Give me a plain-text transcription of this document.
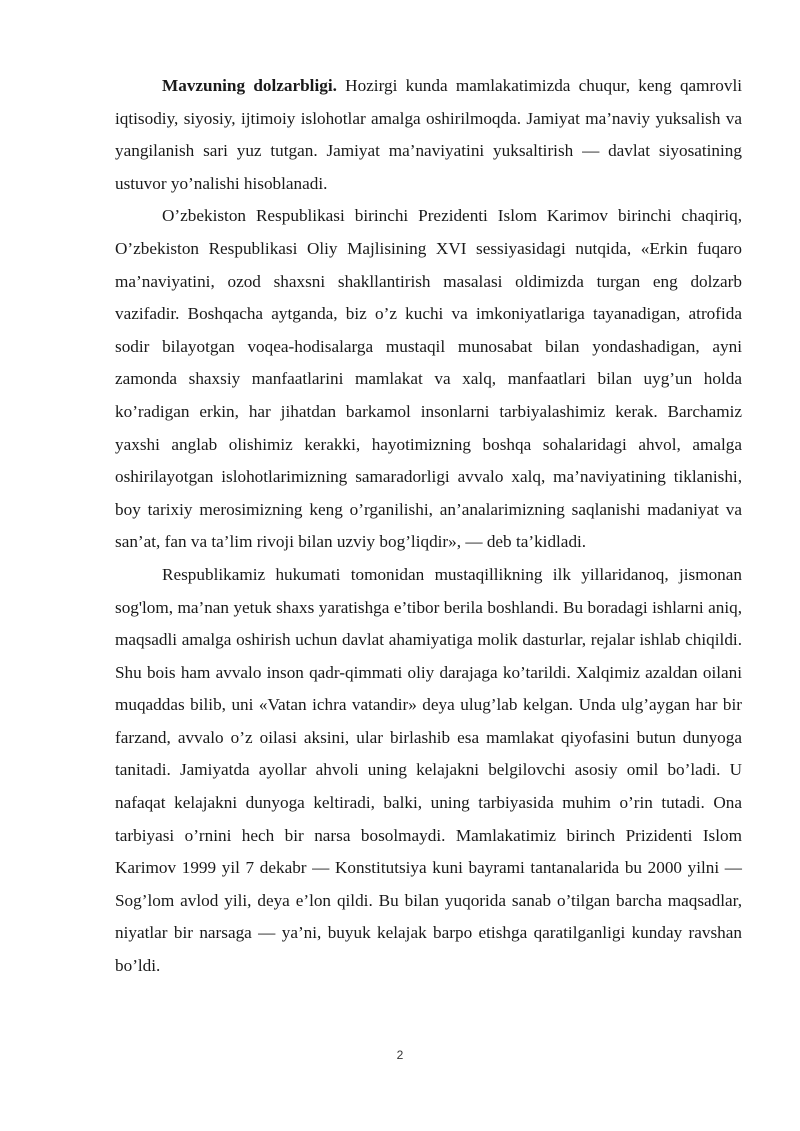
Mavzuning dolzarbligi. Hozirgi kunda mamlakatimizda chuqur, keng qamrovli iqtisodiy, siyosiy, ijtimoiy islohotlar amalga oshirilmoqda. Jamiyat ma’naviy yuksalish va yangilanish sari yuz tutgan. Jamiyat ma’naviyatini yuksaltirish — davlat siyosatining ustuvor yo’nalishi hisoblanadi.

O’zbekiston Respublikasi birinchi Prezidenti Islom Karimov birinchi chaqiriq, O’zbekiston Respublikasi Oliy Majlisining XVI sessiyasidagi nutqida, «Erkin fuqaro ma’naviyatini, ozod shaxsni shakllantirish masalasi oldimizda turgan eng dolzarb vazifadir. Boshqacha aytganda, biz o’z kuchi va imkoniyatlariga tayanadigan, atrofida sodir bilayotgan voqea-hodisalarga mustaqil munosabat bilan yondashadigan, ayni zamonda shaxsiy manfaatlarini mamlakat va xalq, manfaatlari bilan uyg’un holda ko’radigan erkin, har jihatdan barkamol insonlarni tarbiyalashimiz kerak. Barchamiz yaxshi anglab olishimiz kerakki, hayotimizning boshqa sohalaridagi ahvol, amalga oshirilayotgan islohotlarimizning samaradorligi avvalo xalq, ma’naviyatining tiklanishi, boy tarixiy merosimizning keng o’rganilishi, an’analarimizning saqlanishi madaniyat va san’at, fan va ta’lim rivoji bilan uzviy bog’liqdir», — deb ta’kidladi.

Respublikamiz hukumati tomonidan mustaqillikning ilk yillaridanoq, jismonan sog'lom, ma’nan yetuk shaxs yaratishga e’tibor berila boshlandi. Bu boradagi ishlarni aniq, maqsadli amalga oshirish uchun davlat ahamiyatiga molik dasturlar, rejalar ishlab chiqildi. Shu bois ham avvalo inson qadr-qimmati oliy darajaga ko’tarildi. Xalqimiz azaldan oilani muqaddas bilib, uni «Vatan ichra vatandir» deya ulug’lab kelgan. Unda ulg’aygan har bir farzand, avvalo o’z oilasi aksini, ular birlashib esa mamlakat qiyofasini butun dunyoga tanitadi. Jamiyatda ayollar ahvoli uning kelajakni belgilovchi asosiy omil bo’ladi. U nafaqat kelajakni dunyoga keltiradi, balki, uning tarbiyasida muhim o’rin tutadi. Ona tarbiyasi o’rnini hech bir narsa bosolmaydi. Mamlakatimiz birinch Prizidenti Islom Karimov 1999 yil 7 dekabr — Konstitutsiya kuni bayrami tantanalarida bu 2000 yilni — Sog’lom avlod yili, deya e’lon qildi. Bu bilan yuqorida sanab o’tilgan barcha maqsadlar, niyatlar bir narsaga — ya’ni, buyuk kelajak barpo etishga qaratilganligi kunday ravshan bo’ldi.

2
